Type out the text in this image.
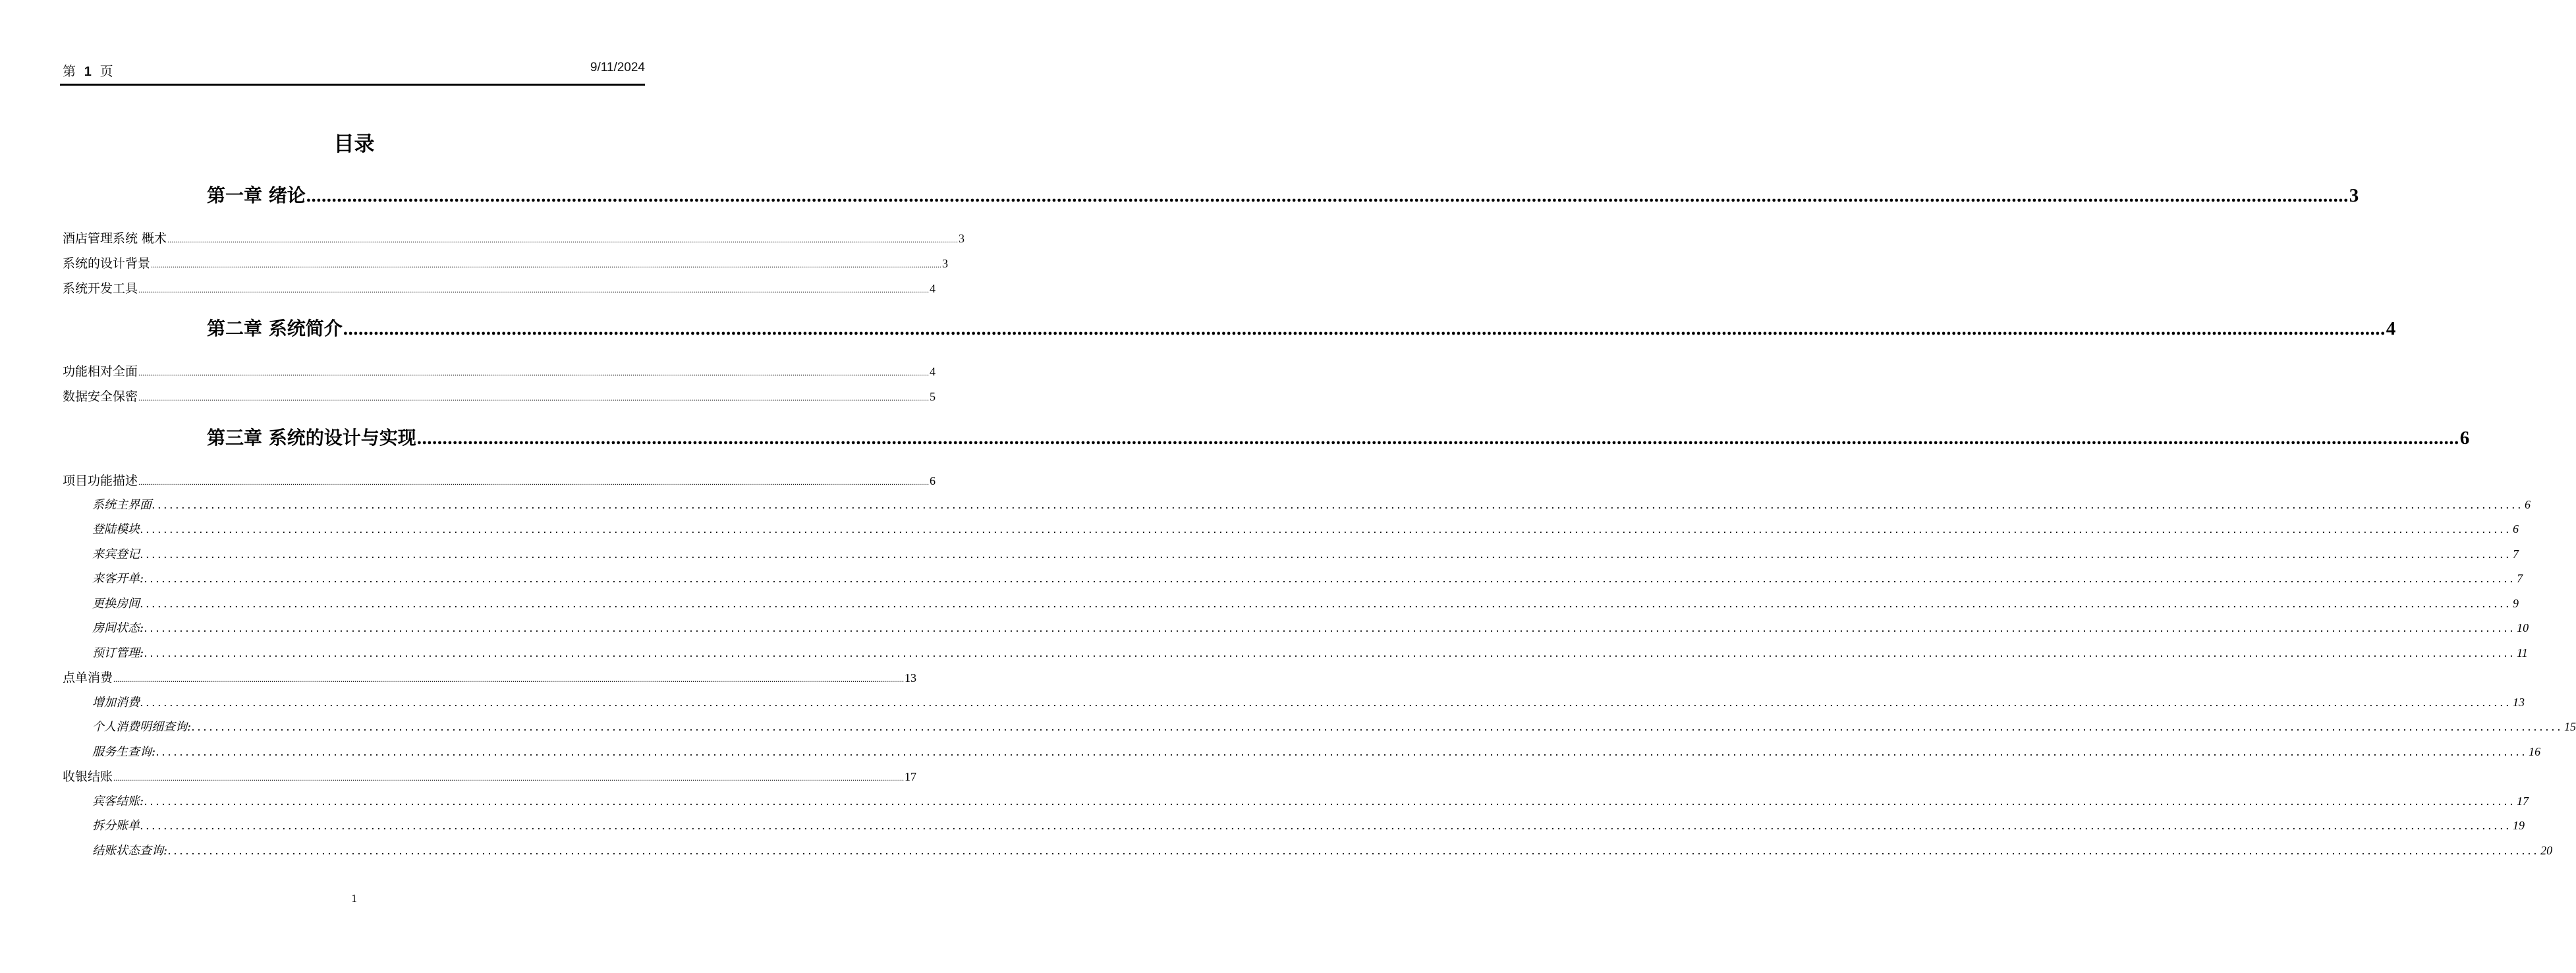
第 1 页	9/11/2024
目录
第一章 绪论 ................................................................................................................................................................................................................................................................................................................................................................................................................ 3
酒店管理系统 概术 ................................................................................................................................................................................................................................................................................................................................................................................................................ 3
系统的设计背景 ................................................................................................................................................................................................................................................................................................................................................................................................................ 3
系统开发工具 ................................................................................................................................................................................................................................................................................................................................................................................................................ 4
第二章 系统简介 ................................................................................................................................................................................................................................................................................................................................................................................................................ 4
功能相对全面 ................................................................................................................................................................................................................................................................................................................................................................................................................ 4
数据安全保密 ................................................................................................................................................................................................................................................................................................................................................................................................................ 5
第三章 系统的设计与实现 ................................................................................................................................................................................................................................................................................................................................................................................................................ 6
项目功能描述 ................................................................................................................................................................................................................................................................................................................................................................................................................ 6
系统主界面 ................................................................................................................................................................................................................................................................................................................................................................................................................ 6
登陆模块 ................................................................................................................................................................................................................................................................................................................................................................................................................ 6
来宾登记 ................................................................................................................................................................................................................................................................................................................................................................................................................ 7
来客开单: ................................................................................................................................................................................................................................................................................................................................................................................................................ 7
更换房间 ................................................................................................................................................................................................................................................................................................................................................................................................................ 9
房间状态: ................................................................................................................................................................................................................................................................................................................................................................................................................ 10
预订管理: ................................................................................................................................................................................................................................................................................................................................................................................................................ 11
点单消费 ................................................................................................................................................................................................................................................................................................................................................................................................................ 13
增加消费 ................................................................................................................................................................................................................................................................................................................................................................................................................ 13
个人消费明细查询: ................................................................................................................................................................................................................................................................................................................................................................................................................ 15
服务生查询: ................................................................................................................................................................................................................................................................................................................................................................................................................ 16
收银结账 ................................................................................................................................................................................................................................................................................................................................................................................................................ 17
宾客结账: ................................................................................................................................................................................................................................................................................................................................................................................................................ 17
拆分账单 ................................................................................................................................................................................................................................................................................................................................................................................................................ 19
结账状态查询: ................................................................................................................................................................................................................................................................................................................................................................................................................ 20
1
